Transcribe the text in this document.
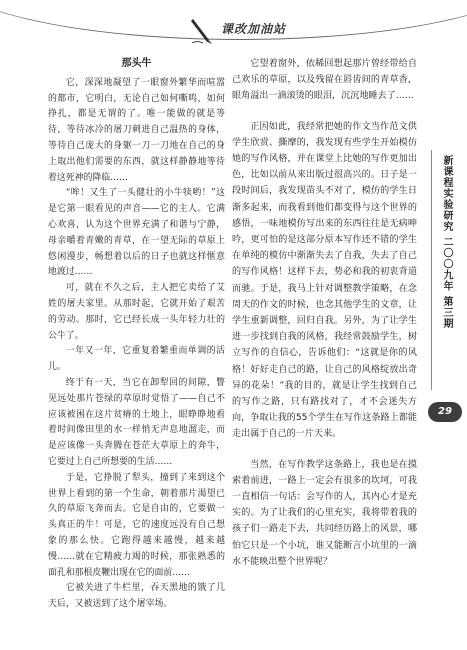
课改加油站
那头牛

它，深深地凝望了一眼窗外繁华而喧嚣的都市，它明白，无论自己如何嘶鸣，如何挣扎，都是无谓的了。唯一能做的就是等待，等待冰冷的屠刀刺进自己温热的身体，等待自己庞大的身躯一刀一刀地在自己的身上取出他们需要的东西，就这样静静地等待着这死神的降临……

“哞！又生了一头健壮的小牛犊哟！”这是它第一眼看见的声音——它的主人。它满心欢喜，认为这个世界充满了和谐与宁静，母亲嚼着青嫩的青草，在一望无际的草原上悠闲漫步，畅想着以后的日子也就这样惬意地渡过……

可，就在不久之后，主人把它卖给了艾姓的屠夫家里。从那时起，它就开始了艰苦的劳动。那时，它已经长成一头年轻力壮的公牛了。

一年又一年，它重复着繁重而单调的活儿。

终于有一天，当它在卸犁回的间隙，瞥见远处那片苍绿的草原时觉悟了——自己不应该被困在这片贫瘠的土地上，眼睁睁地看着时间像田里的水一样悄无声息地溜走，而是应该像一头奔腾在苍茫大草原上的奔牛，它要过上自己所想要的生活……

于是，它挣脱了犁头，撞到了来到这个世界上看到的第一个生命，朝着那片渴望已久的草原飞奔而去。它是自由的，它要做一头真正的牛！可是，它的速度远没有自己想象的那么快。它跑得越来越慢，越来越慢……就在它精疲力竭的时候，那张熟悉的面孔和那根皮鞭出现在它的面前……

它被关进了牛栏里，吞天黑地的饿了几天后，又被送到了这个屠宰场。

它望着窗外，依稀回想起那片曾经带给自己欢乐的草原，以及残留在唇齿间的青草香，眼角溢出一滴滚烫的眼泪，沉沉地睡去了……

正因如此，我经常把她的作文当作范文供学生欣赏、撕摩的，我发现有些学生开始模仿她的写作风格，并在课堂上比她的写作更加出色，比如以前从来出版过很高兴的。日子是一段时间后，我发现苗头不对了，模仿的学生日渐多起来，而我看到他们都变得与这个世界的感悟，一味地模仿写出来的东西往往是无病呻吟，更可怕的是这部分原本写作还不错的学生在单纯的模仿中渐渐失去了自我，失去了自己的写作风格！这样下去，势必和我的初衷背道而驰。于是，我马上针对调整教学策略，在念周天的作文的时候，也念其他学生的文章，让学生重新调整，回归自我。另外，为了让学生进一步找到自我的风格，我经常鼓励学生，树立写作的自信心，告诉他们：“这就是你的风格！好好走自己的路，让自己的风格绽放出奇异的花朵！”我的目的，就是让学生找到自己的写作之路，只有路找对了，才不会迷失方向，争取让我的55个学生在写作这条路上都能走出属于自己的一片天来。

当然，在写作教学这条路上，我也是在摸索着前进，一路上一定会有很多的坎坷，可我一直相信一句话：会写作的人，其内心才是充实的。为了让我们的心里充实，我将带着我的孩子们一路走下去，共同经历路上的风景，哪怕它只是一个小坑，谁又能断言小坑里的一滴水不能映出整个世界呢？

新课程实验研究 二〇〇九年 第三期
29
